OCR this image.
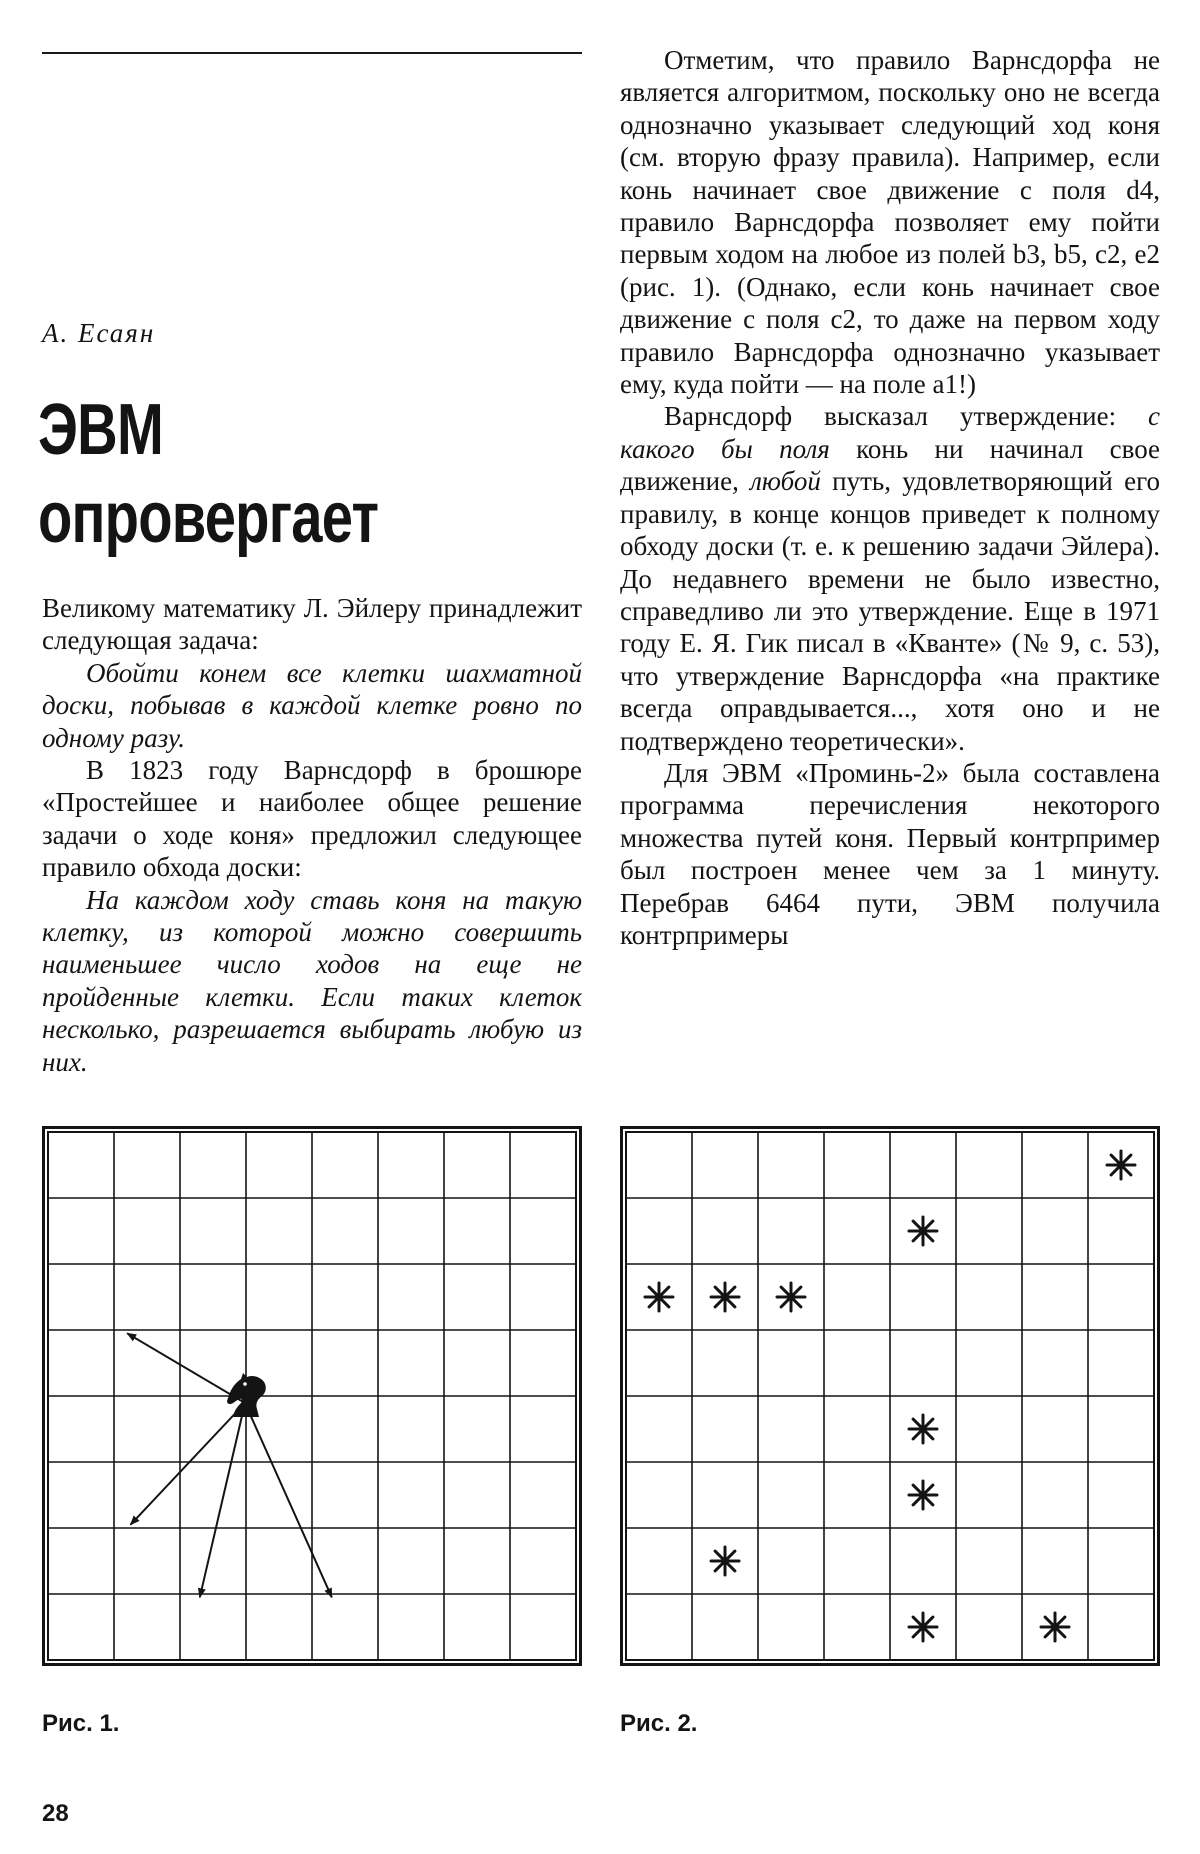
А. Есаян
ЭВМ
опровергает

Великому математику Л. Эйлеру принадлежит следующая задача:

Обойти конем все клетки шахматной доски, побывав в каждой клетке ровно по одному разу.

В 1823 году Варнсдорф в брошюре «Простейшее и наиболее общее решение задачи о ходе коня» предложил следующее правило обхода доски:

На каждом ходу ставь коня на такую клетку, из которой можно совершить наименьшее число ходов на еще не пройденные клетки. Если таких клеток несколько, разрешается выбирать любую из них.

Отметим, что правило Варнсдорфа не является алгоритмом, поскольку оно не всегда однозначно указывает следующий ход коня (см. вторую фразу правила). Например, если конь начинает свое движение с поля d4, правило Варнсдорфа позволяет ему пойти первым ходом на любое из полей b3, b5, c2, e2 (рис. 1). (Однако, если конь начинает свое движение с поля c2, то даже на первом ходу правило Варнсдорфа однозначно указывает ему, куда пойти — на поле a1!)

Варнсдорф высказал утверждение: с какого бы поля конь ни начинал свое движение, любой путь, удовлетворяющий его правилу, в конце концов приведет к полному обходу доски (т. е. к решению задачи Эйлера). До недавнего времени не было известно, справедливо ли это утверждение. Еще в 1971 году Е. Я. Гик писал в «Кванте» (№ 9, с. 53), что утверждение Варнсдорфа «на практике всегда оправдывается..., хотя оно и не подтверждено теоретически».

Для ЭВМ «Проминь-2» была составлена программа перечисления некоторого множества путей коня. Первый контрпример был построен менее чем за 1 минуту. Перебрав 6464 пути, ЭВМ получила контрпримеры

Рис. 1.	Рис. 2.
28
